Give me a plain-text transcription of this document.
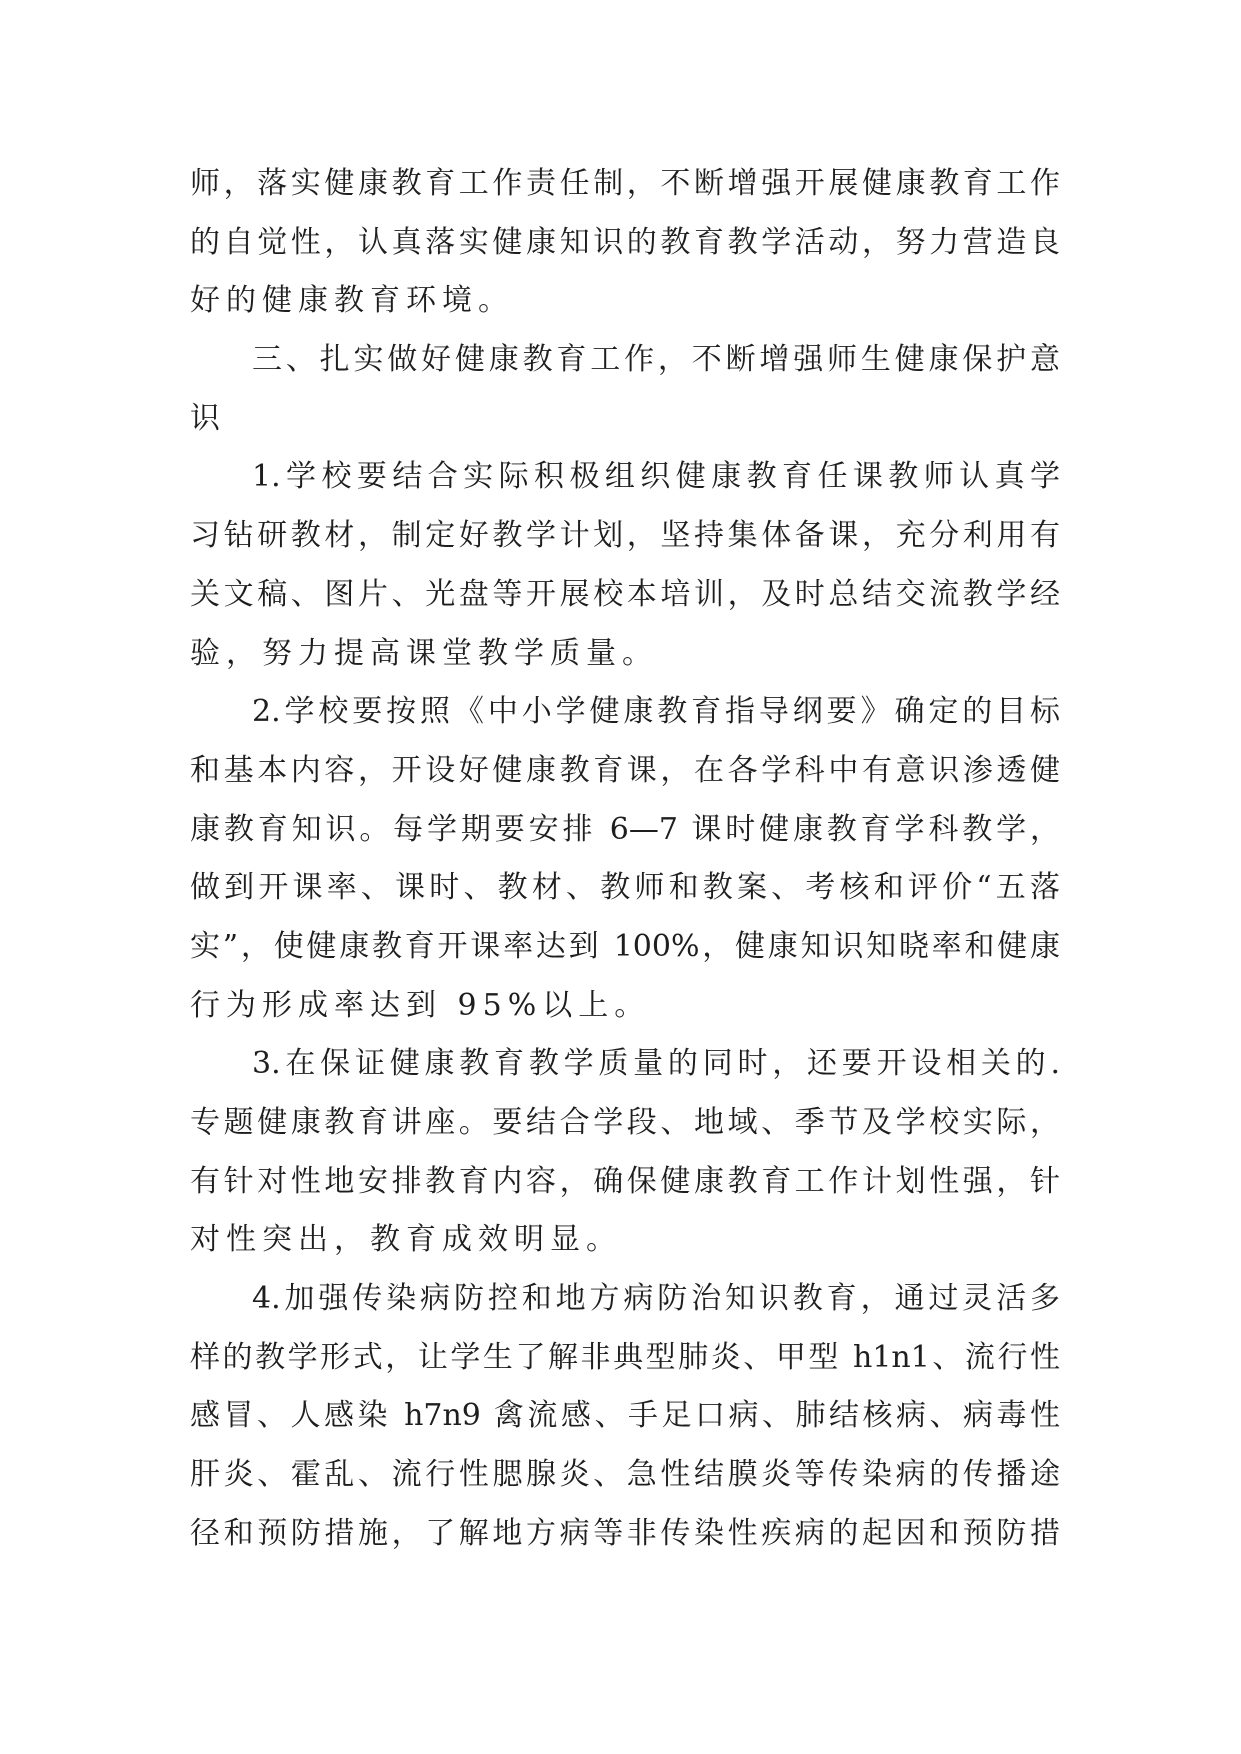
师，落实健康教育工作责任制，不断增强开展健康教育工作
的自觉性，认真落实健康知识的教育教学活动，努力营造良
好的健康教育环境。
三、扎实做好健康教育工作，不断增强师生健康保护意
识
1.学校要结合实际积极组织健康教育任课教师认真学
习钻研教材，制定好教学计划，坚持集体备课，充分利用有
关文稿、图片、光盘等开展校本培训，及时总结交流教学经
验，努力提高课堂教学质量。
2.学校要按照《中小学健康教育指导纲要》确定的目标
和基本内容，开设好健康教育课，在各学科中有意识渗透健
康教育知识。每学期要安排 6—7 课时健康教育学科教学，
做到开课率、课时、教材、教师和教案、考核和评价“五落
实”，使健康教育开课率达到 100%，健康知识知晓率和健康
行为形成率达到 95%以上。
3.在保证健康教育教学质量的同时，还要开设相关的.
专题健康教育讲座。要结合学段、地域、季节及学校实际，
有针对性地安排教育内容，确保健康教育工作计划性强，针
对性突出，教育成效明显。
4.加强传染病防控和地方病防治知识教育，通过灵活多
样的教学形式，让学生了解非典型肺炎、甲型 h1n1、流行性
感冒、人感染 h7n9 禽流感、手足口病、肺结核病、病毒性
肝炎、霍乱、流行性腮腺炎、急性结膜炎等传染病的传播途
径和预防措施，了解地方病等非传染性疾病的起因和预防措
